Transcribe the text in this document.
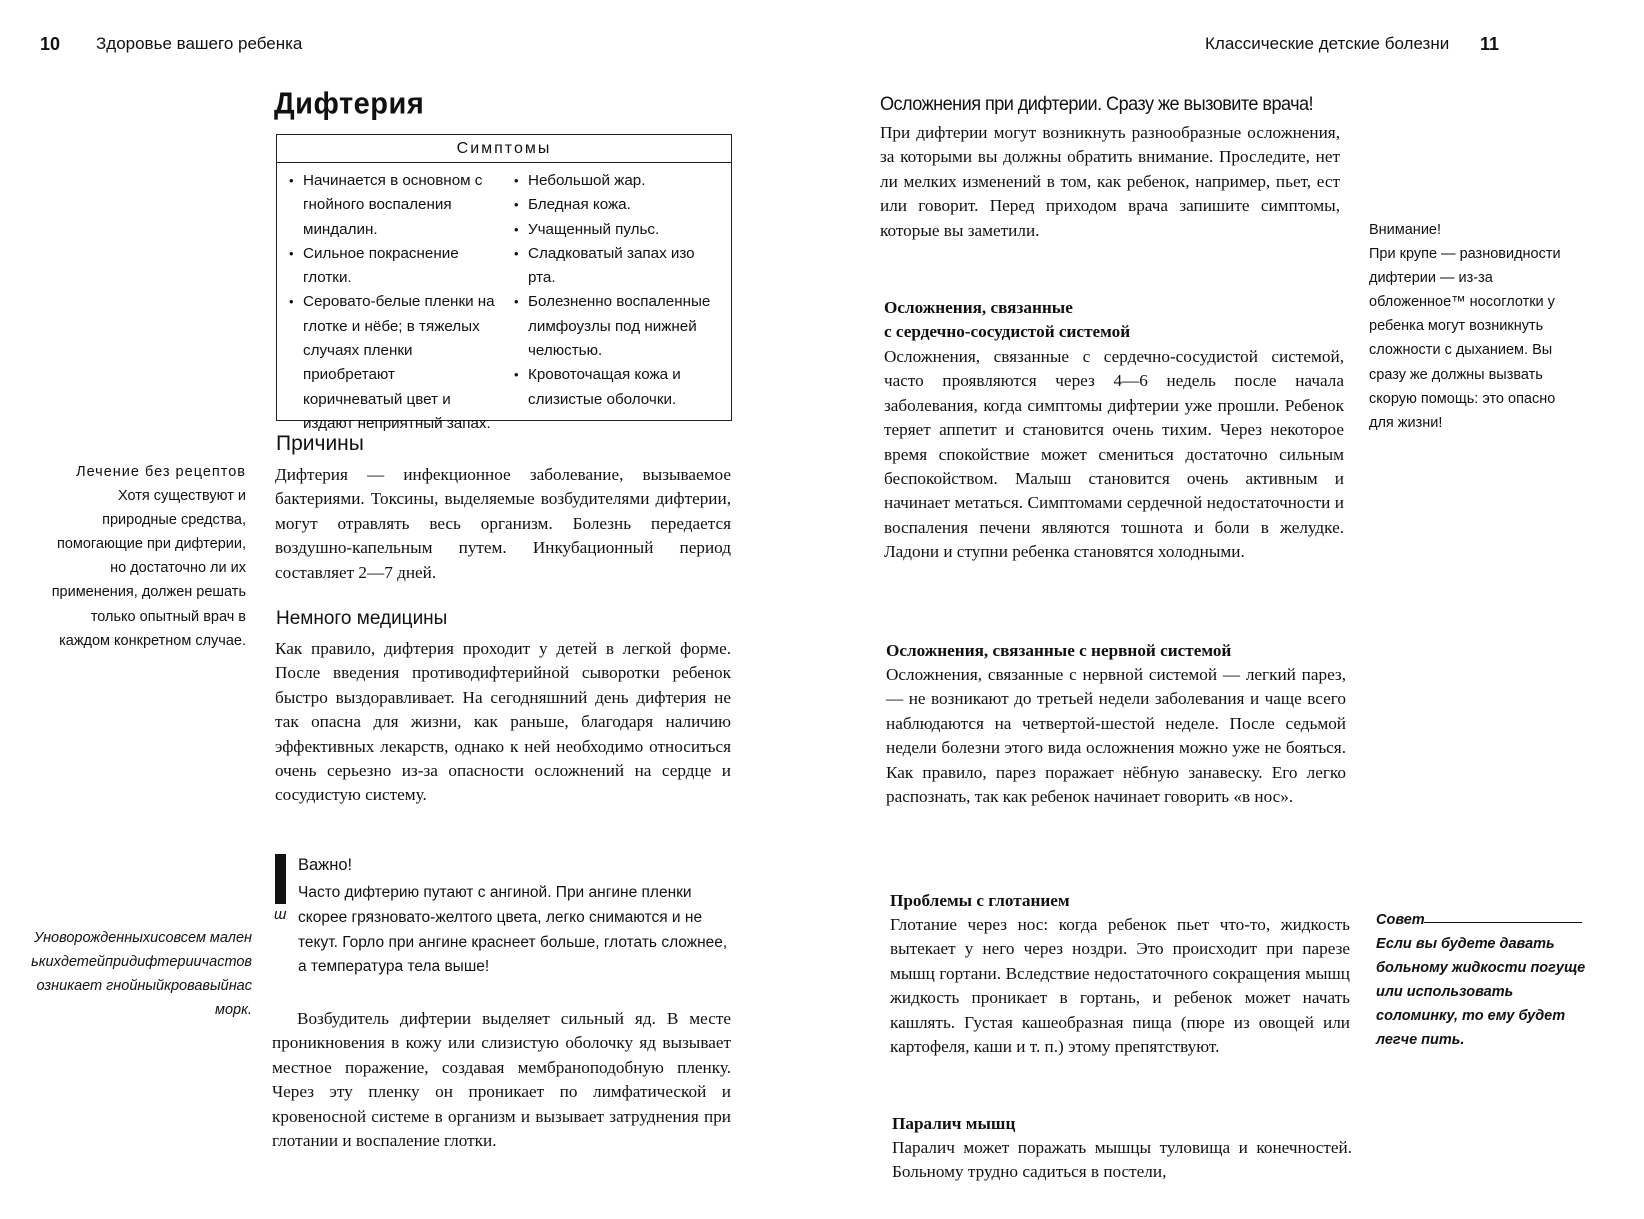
10 Здоровье вашего ребенка	Классические детские болезни 11
Дифтерия
Симптомы
• Начинается в основном с гнойного воспаления миндалин.
• Сильное покраснение глотки.
• Серовато-белые пленки на глотке и нёбе; в тяжелых случаях пленки приобретают коричневатый цвет и издают неприятный запах.
• Небольшой жар.
• Бледная кожа.
• Учащенный пульс.
• Сладковатый запах изо рта.
• Болезненно воспаленные лимфоузлы под нижней челюстью.
• Кровоточащая кожа и слизистые оболочки.
Причины
Дифтерия — инфекционное заболевание, вызываемое бактериями. Токсины, выделяемые возбудителями дифтерии, могут отравлять весь организм. Болезнь передается воздушно-капельным путем. Инкубационный период составляет 2—7 дней.
Немного медицины
Как правило, дифтерия проходит у детей в легкой форме. После введения противодифтерийной сыворотки ребенок быстро выздоравливает. На сегодняшний день дифтерия не так опасна для жизни, как раньше, благодаря наличию эффективных лекарств, однако к ней необходимо относиться очень серьезно из-за опасности осложнений на сердце и сосудистую систему.
ш
Важно!
Часто дифтерию путают с ангиной. При ангине пленки скорее грязновато-желтого цвета, легко снимаются и не текут. Горло при ангине краснеет больше, глотать сложнее, а температура тела выше!
Возбудитель дифтерии выделяет сильный яд. В месте проникновения в кожу или слизистую оболочку яд вызывает местное поражение, создавая мембраноподобную пленку. Через эту пленку он проникает по лимфатической и кровеносной системе в организм и вызывает затруднения при глотании и воспаление глотки.
Лечение без рецептов
Хотя существуют и природные средства, помогающие при дифтерии, но достаточно ли их применения, должен решать только опытный врач в каждом конкретном случае.
Уноворожденныхисовсем маленькихдетейпридифтериичастовозникает гнойныйкровавыйнасморк.
Осложнения при дифтерии. Сразу же вызовите врача!
При дифтерии могут возникнуть разнообразные осложнения, за которыми вы должны обратить внимание. Проследите, нет ли мелких изменений в том, как ребенок, например, пьет, ест или говорит. Перед приходом врача запишите симптомы, которые вы заметили.
Осложнения, связанные
с сердечно-сосудистой системой
Осложнения, связанные с сердечно-сосудистой системой, часто проявляются через 4—6 недель после начала заболевания, когда симптомы дифтерии уже прошли. Ребенок теряет аппетит и становится очень тихим. Через некоторое время спокойствие может смениться достаточно сильным беспокойством. Малыш становится очень активным и начинает метаться. Симптомами сердечной недостаточности и воспаления печени являются тошнота и боли в желудке. Ладони и ступни ребенка становятся холодными.
Осложнения, связанные с нервной системой
Осложнения, связанные с нервной системой — легкий парез, — не возникают до третьей недели заболевания и чаще всего наблюдаются на четвертой-шестой неделе. После седьмой недели болезни этого вида осложнения можно уже не бояться. Как правило, парез поражает нёбную занавеску. Его легко распознать, так как ребенок начинает говорить «в нос».
Проблемы с глотанием
Глотание через нос: когда ребенок пьет что-то, жидкость вытекает у него через ноздри. Это происходит при парезе мышц гортани. Вследствие недостаточного сокращения мышц жидкость проникает в гортань, и ребенок может начать кашлять. Густая кашеобразная пища (пюре из овощей или картофеля, каши и т. п.) этому препятствуют.
Паралич мышц
Паралич может поражать мышцы туловища и конечностей. Больному трудно садиться в постели,
Внимание!
При крупе — разновидности дифтерии — из-за обложенное™ носоглотки у ребенка могут возникнуть сложности с дыханием. Вы сразу же должны вызвать скорую помощь: это опасно для жизни!
Совет
Если вы будете давать больному жидкости погуще или использовать соломинку, то ему будет легче пить.
